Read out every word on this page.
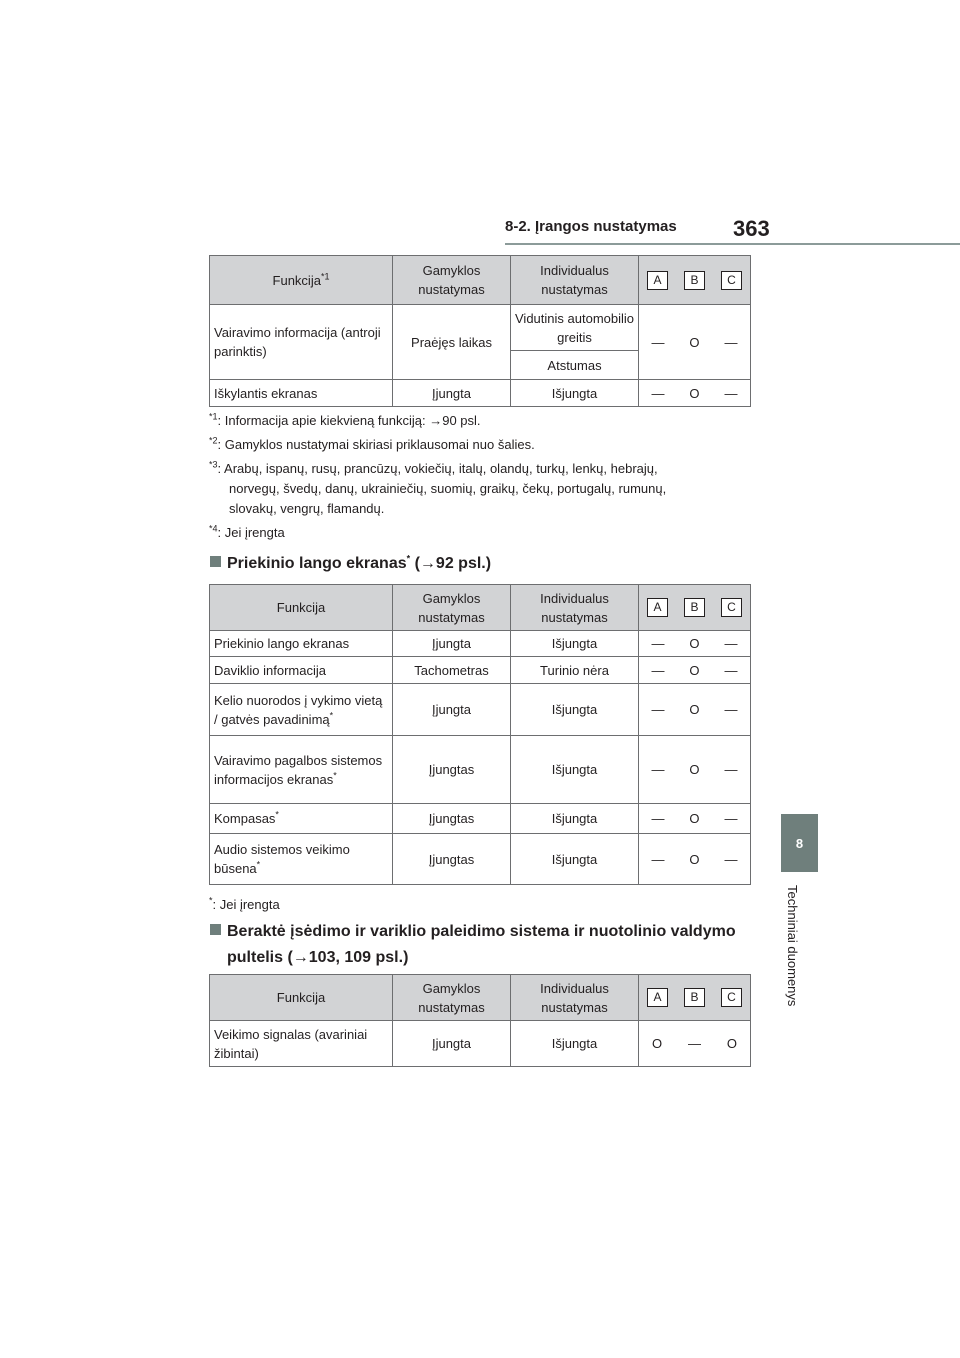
8-2. Įrangos nustatymas	363
8
Techniniai duomenys
Funkcija$^{*1}$	Gamyklos nustatymas	Individualus nustatymas	A B C

Vairavimo informacija (antroji parinktis)	Praėjęs laikas	Vidutinis automobilio greitis	— O —

		Atstumas	
Iškylantis ekranas	Įjungta	Išjungta	— O —
$^{*1}$: Informacija apie kiekvieną funkciją: →90 psl.
$^{*2}$: Gamyklos nustatymai skiriasi priklausomai nuo šalies.
$^{*3}$: Arabų, ispanų, rusų, prancūzų, vokiečių, italų, olandų, turkų, lenkų, hebrajų,
norvegų, švedų, danų, ukrainiečių, suomių, graikų, čekų, portugalų, rumunų,
slovakų, vengrų, flamandų.
$^{*4}$: Jei įrengta
Priekinio lango ekranas* (→92 psl.)
Funkcija	Gamyklos nustatymas	Individualus nustatymas	A B C

Priekinio lango ekranas	Įjungta	Išjungta	— O —

Daviklio informacija	Tachometras	Turinio nėra	— O —

Kelio nuorodos į vykimo vietą / gatvės pavadinimą*	Įjungta	Išjungta	— O —

Vairavimo pagalbos sistemos informacijos ekranas*	Įjungtas	Išjungta	— O —

Kompasas*	Įjungtas	Išjungta	— O —

Audio sistemos veikimo būsena*	Įjungtas	Išjungta	— O —
*: Jei įrengta
Beraktė įsėdimo ir variklio paleidimo sistema ir nuotolinio valdymo
pultelis (→103, 109 psl.)
Funkcija	Gamyklos nustatymas	Individualus nustatymas	A B C

Veikimo signalas (avariniai žibintai)	Įjungta	Išjungta	O — O
